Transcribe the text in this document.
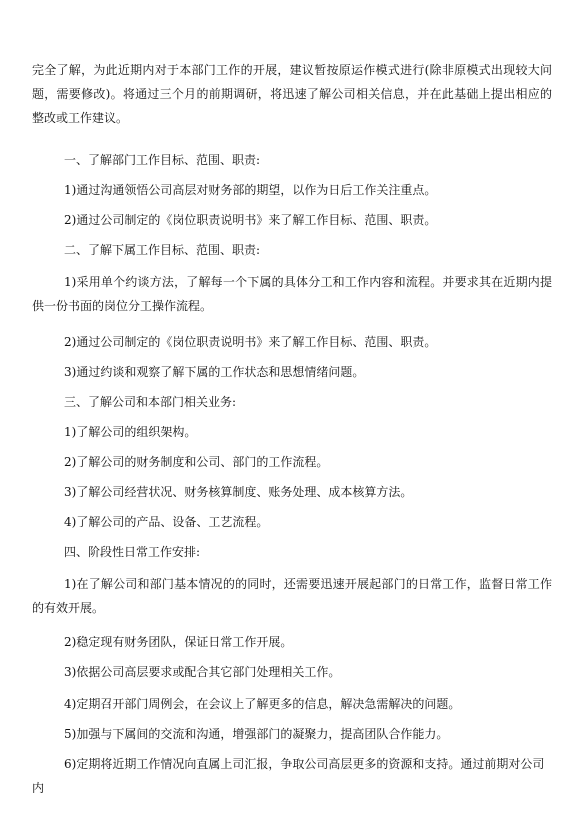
完全了解，为此近期内对于本部门工作的开展，建议暂按原运作模式进行(除非原模式出现较大问题，需要修改)。将通过三个月的前期调研，将迅速了解公司相关信息，并在此基础上提出相应的整改或工作建议。
一、了解部门工作目标、范围、职责:
1)通过沟通领悟公司高层对财务部的期望，以作为日后工作关注重点。
2)通过公司制定的《岗位职责说明书》来了解工作目标、范围、职责。
二、了解下属工作目标、范围、职责:
1)采用单个约谈方法，了解每一个下属的具体分工和工作内容和流程。并要求其在近期内提供一份书面的岗位分工操作流程。
2)通过公司制定的《岗位职责说明书》来了解工作目标、范围、职责。
3)通过约谈和观察了解下属的工作状态和思想情绪问题。
三、了解公司和本部门相关业务:
1)了解公司的组织架构。
2)了解公司的财务制度和公司、部门的工作流程。
3)了解公司经营状况、财务核算制度、账务处理、成本核算方法。
4)了解公司的产品、设备、工艺流程。
四、阶段性日常工作安排:
1)在了解公司和部门基本情况的的同时，还需要迅速开展起部门的日常工作，监督日常工作的有效开展。
2)稳定现有财务团队，保证日常工作开展。
3)依据公司高层要求或配合其它部门处理相关工作。
4)定期召开部门周例会，在会议上了解更多的信息，解决急需解决的问题。
5)加强与下属间的交流和沟通，增强部门的凝聚力，提高团队合作能力。
6)定期将近期工作情况向直属上司汇报，争取公司高层更多的资源和支持。通过前期对公司内
